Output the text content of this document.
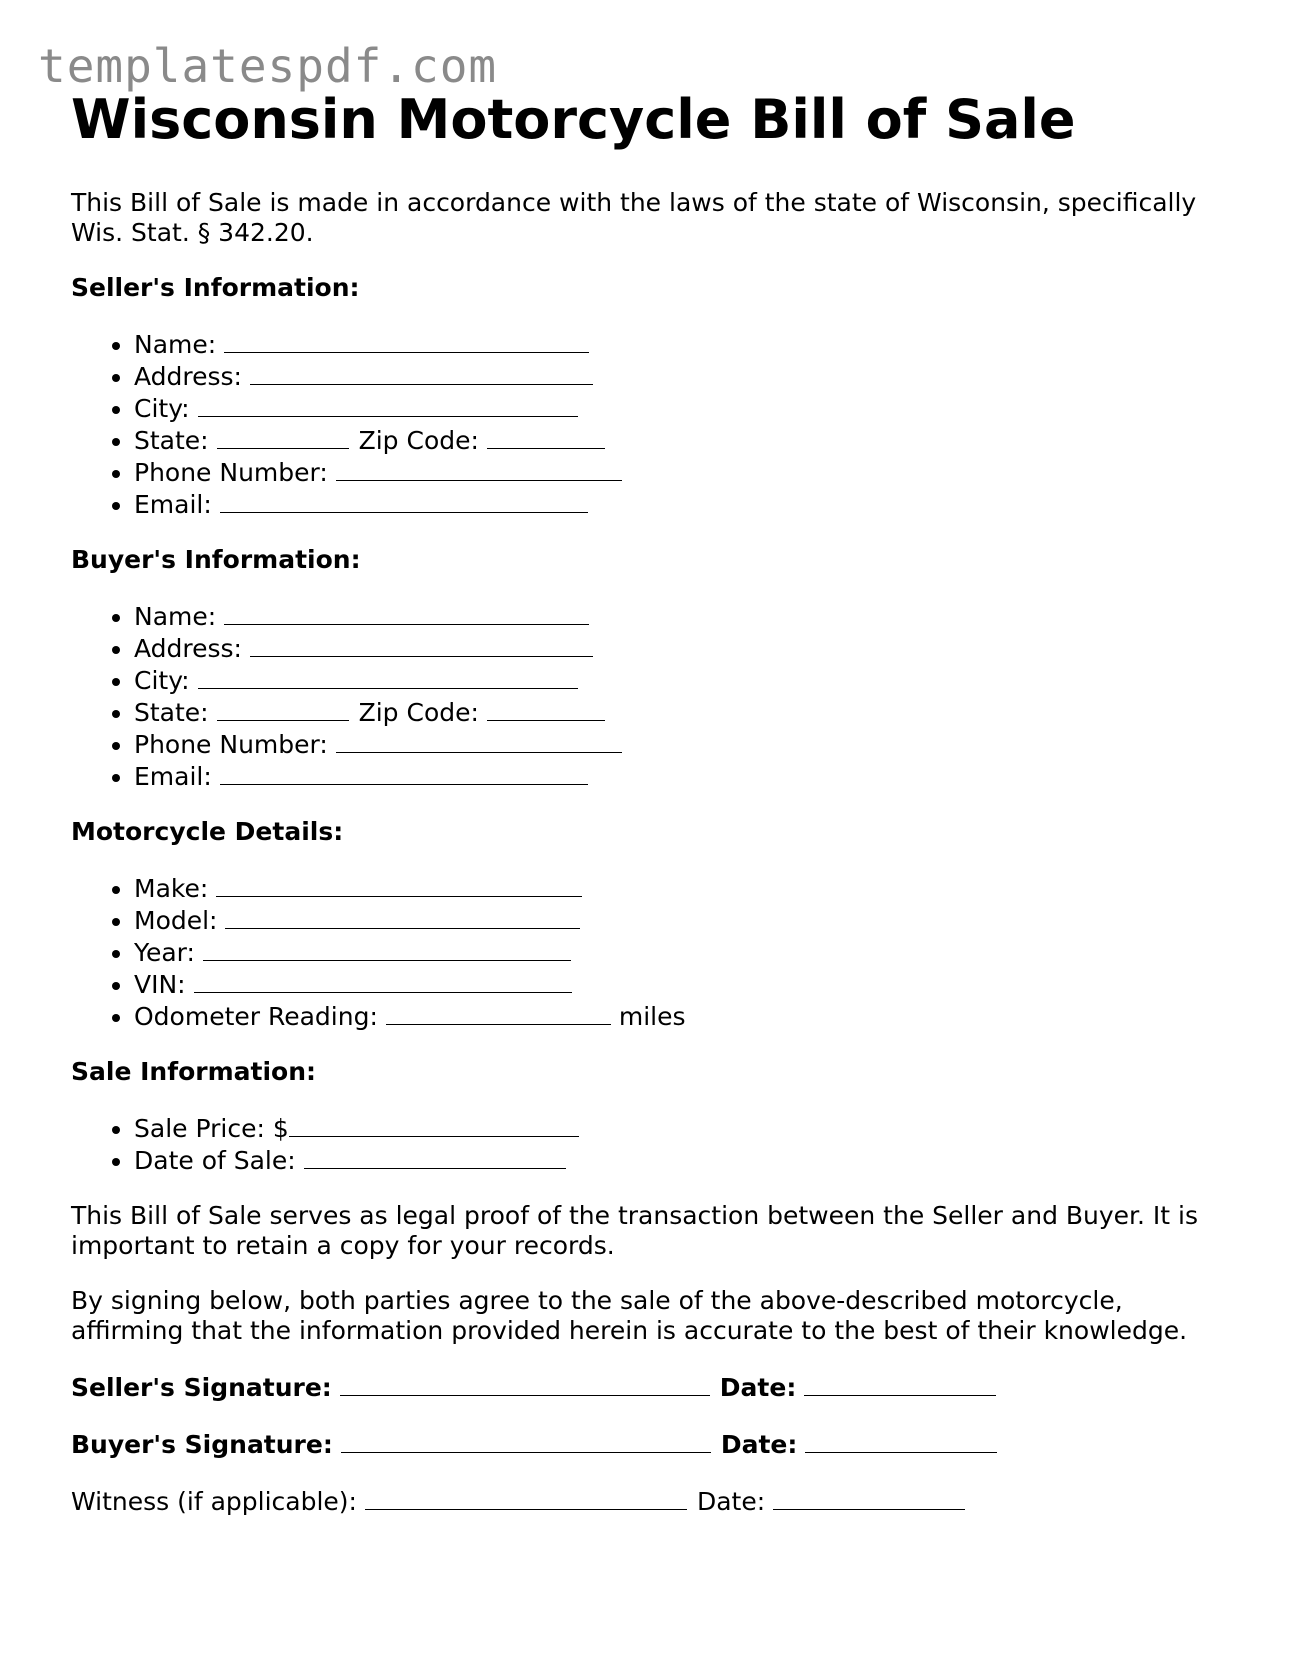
templatespdf.com
Wisconsin Motorcycle Bill of Sale

This Bill of Sale is made in accordance with the laws of the state of Wisconsin, specifically Wis. Stat. § 342.20.

Seller's Information:
• Name:
• Address:
• City:
• State:	Zip Code:
• Phone Number:
• Email:
Buyer's Information:
• Name:
• Address:
• City:
• State:	Zip Code:
• Phone Number:
• Email:
Motorcycle Details:
• Make:
• Model:
• Year:
• VIN:
• Odometer Reading:	miles
Sale Information:
• Sale Price: $
• Date of Sale:

This Bill of Sale serves as legal proof of the transaction between the Seller and Buyer. It is important to retain a copy for your records.

By signing below, both parties agree to the sale of the above-described motorcycle, affirming that the information provided herein is accurate to the best of their knowledge.

Seller's Signature:	Date:
Buyer's Signature:	Date:
Witness (if applicable):	Date:
